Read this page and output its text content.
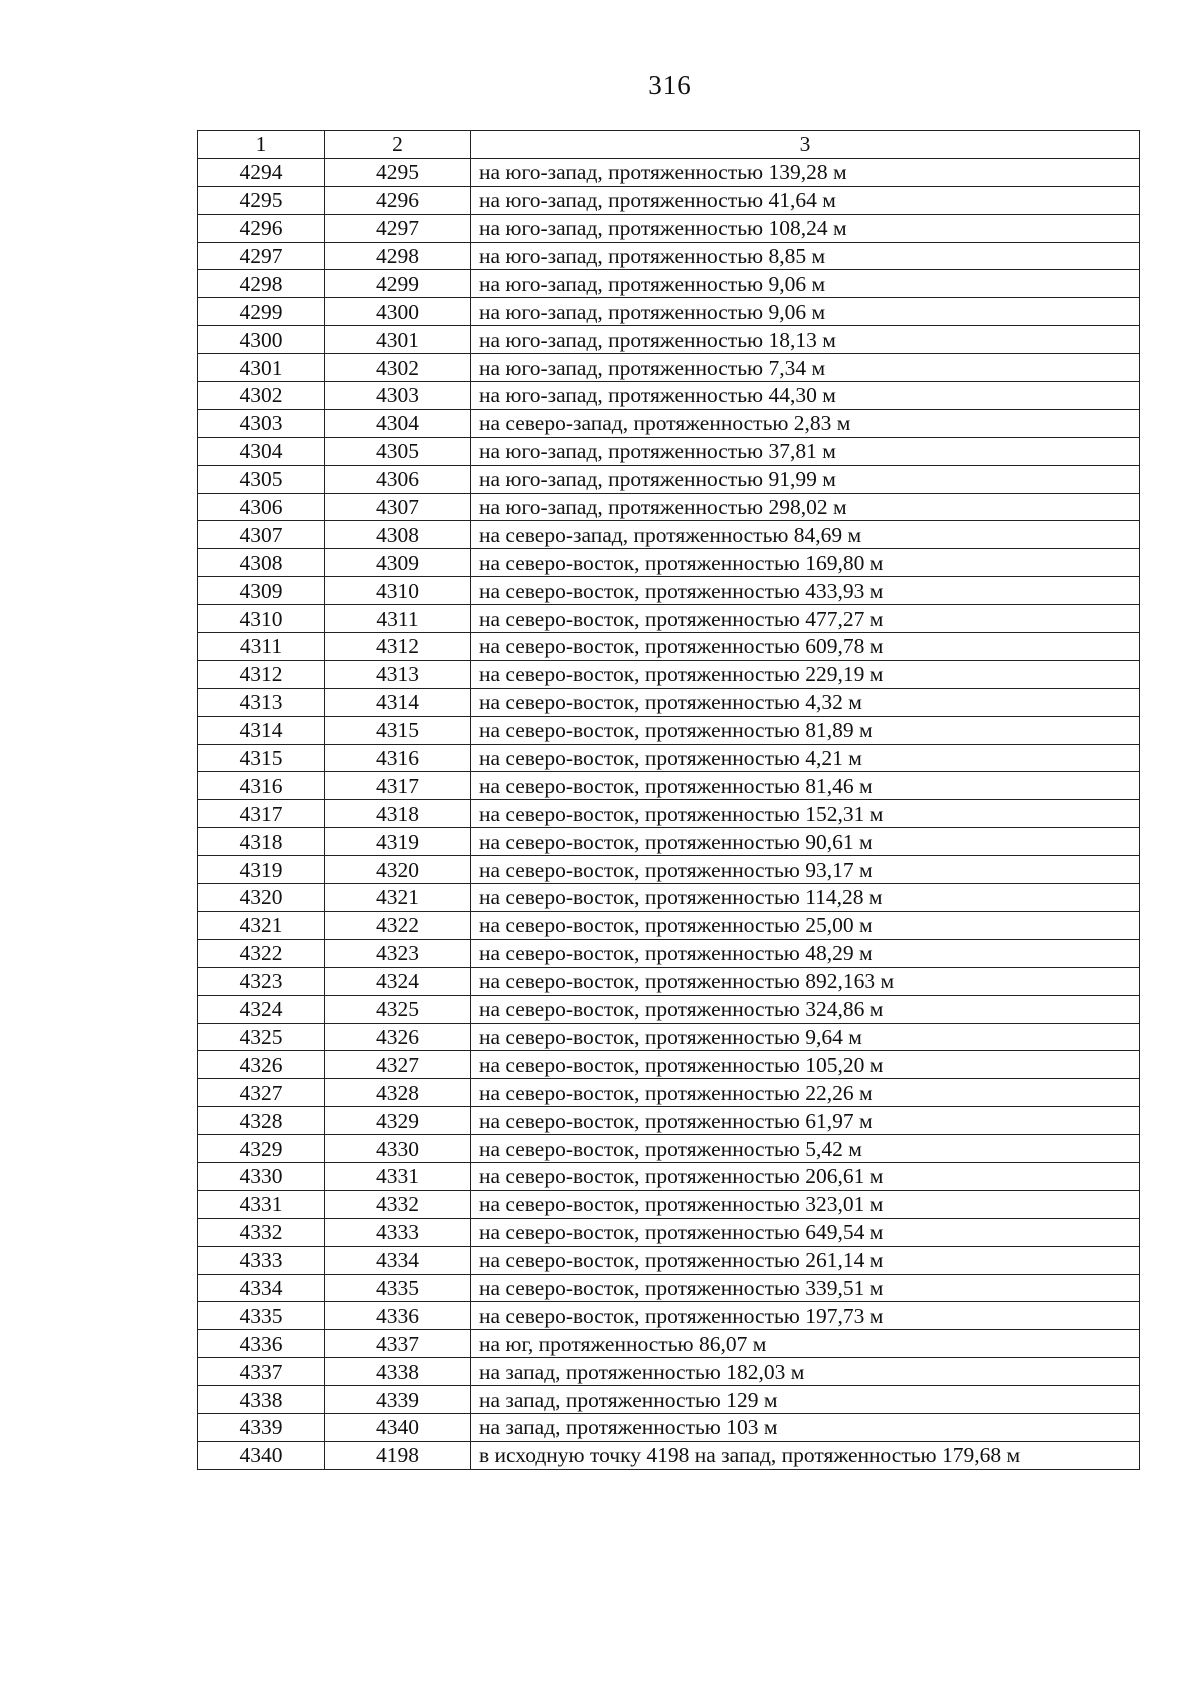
316
1	2	3
4294	4295	на юго-запад, протяженностью 139,28 м
4295	4296	на юго-запад, протяженностью 41,64 м
4296	4297	на юго-запад, протяженностью 108,24 м
4297	4298	на юго-запад, протяженностью 8,85 м
4298	4299	на юго-запад, протяженностью 9,06 м
4299	4300	на юго-запад, протяженностью 9,06 м
4300	4301	на юго-запад, протяженностью 18,13 м
4301	4302	на юго-запад, протяженностью 7,34 м
4302	4303	на юго-запад, протяженностью 44,30 м
4303	4304	на северо-запад, протяженностью 2,83 м
4304	4305	на юго-запад, протяженностью 37,81 м
4305	4306	на юго-запад, протяженностью 91,99 м
4306	4307	на юго-запад, протяженностью 298,02 м
4307	4308	на северо-запад, протяженностью 84,69 м
4308	4309	на северо-восток, протяженностью 169,80 м
4309	4310	на северо-восток, протяженностью 433,93 м
4310	4311	на северо-восток, протяженностью 477,27 м
4311	4312	на северо-восток, протяженностью 609,78 м
4312	4313	на северо-восток, протяженностью 229,19 м
4313	4314	на северо-восток, протяженностью 4,32 м
4314	4315	на северо-восток, протяженностью 81,89 м
4315	4316	на северо-восток, протяженностью 4,21 м
4316	4317	на северо-восток, протяженностью 81,46 м
4317	4318	на северо-восток, протяженностью 152,31 м
4318	4319	на северо-восток, протяженностью 90,61 м
4319	4320	на северо-восток, протяженностью 93,17 м
4320	4321	на северо-восток, протяженностью 114,28 м
4321	4322	на северо-восток, протяженностью 25,00 м
4322	4323	на северо-восток, протяженностью 48,29 м
4323	4324	на северо-восток, протяженностью 892,163 м
4324	4325	на северо-восток, протяженностью 324,86 м
4325	4326	на северо-восток, протяженностью 9,64 м
4326	4327	на северо-восток, протяженностью 105,20 м
4327	4328	на северо-восток, протяженностью 22,26 м
4328	4329	на северо-восток, протяженностью 61,97 м
4329	4330	на северо-восток, протяженностью 5,42 м
4330	4331	на северо-восток, протяженностью 206,61 м
4331	4332	на северо-восток, протяженностью 323,01 м
4332	4333	на северо-восток, протяженностью 649,54 м
4333	4334	на северо-восток, протяженностью 261,14 м
4334	4335	на северо-восток, протяженностью 339,51 м
4335	4336	на северо-восток, протяженностью 197,73 м
4336	4337	на юг, протяженностью 86,07 м
4337	4338	на запад, протяженностью 182,03 м
4338	4339	на запад, протяженностью 129 м
4339	4340	на запад, протяженностью 103 м
4340	4198	в исходную точку 4198 на запад, протяженностью 179,68 м
